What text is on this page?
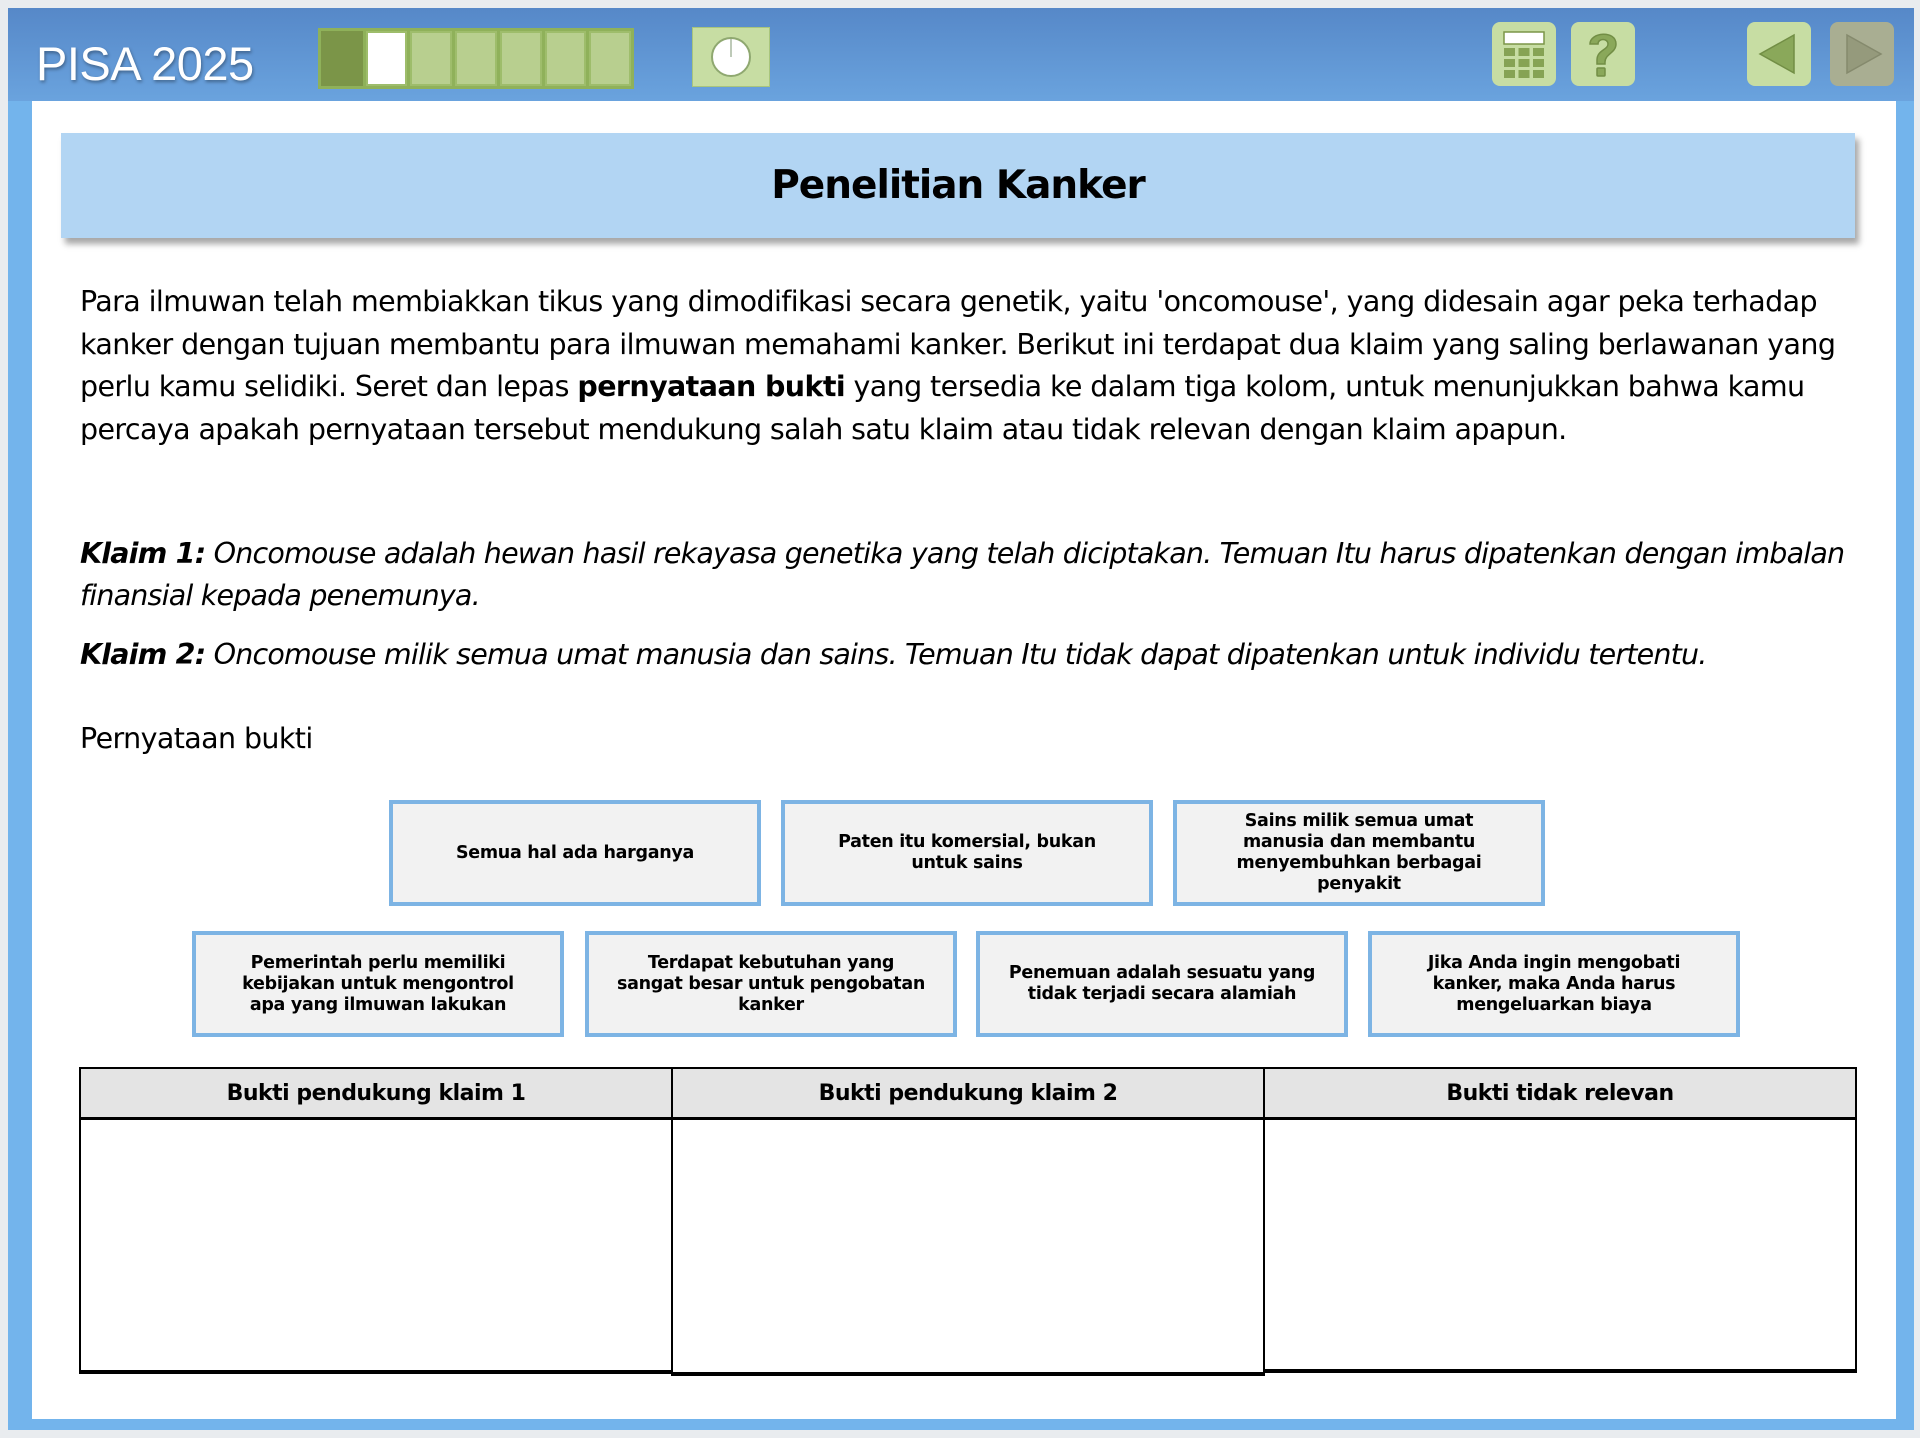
PISA 2025
Penelitian Kanker
Para ilmuwan telah membiakkan tikus yang dimodifikasi secara genetik, yaitu 'oncomouse', yang didesain agar peka terhadap kanker dengan tujuan membantu para ilmuwan memahami kanker. Berikut ini terdapat dua klaim yang saling berlawanan yang perlu kamu selidiki. Seret dan lepas pernyataan bukti yang tersedia ke dalam tiga kolom, untuk menunjukkan bahwa kamu percaya apakah pernyataan tersebut mendukung salah satu klaim atau tidak relevan dengan klaim apapun.
Klaim 1: Oncomouse adalah hewan hasil rekayasa genetika yang telah diciptakan. Temuan Itu harus dipatenkan dengan imbalan finansial kepada penemunya.
Klaim 2: Oncomouse milik semua umat manusia dan sains. Temuan Itu tidak dapat dipatenkan untuk individu tertentu.
Pernyataan bukti
Semua hal ada harganya
Paten itu komersial, bukan untuk sains
Sains milik semua umat manusia dan membantu menyembuhkan berbagai penyakit
Pemerintah perlu memiliki kebijakan untuk mengontrol apa yang ilmuwan lakukan
Terdapat kebutuhan yang sangat besar untuk pengobatan kanker
Penemuan adalah sesuatu yang tidak terjadi secara alamiah
Jika Anda ingin mengobati kanker, maka Anda harus mengeluarkan biaya
Bukti pendukung klaim 1	Bukti pendukung klaim 2	Bukti tidak relevan
